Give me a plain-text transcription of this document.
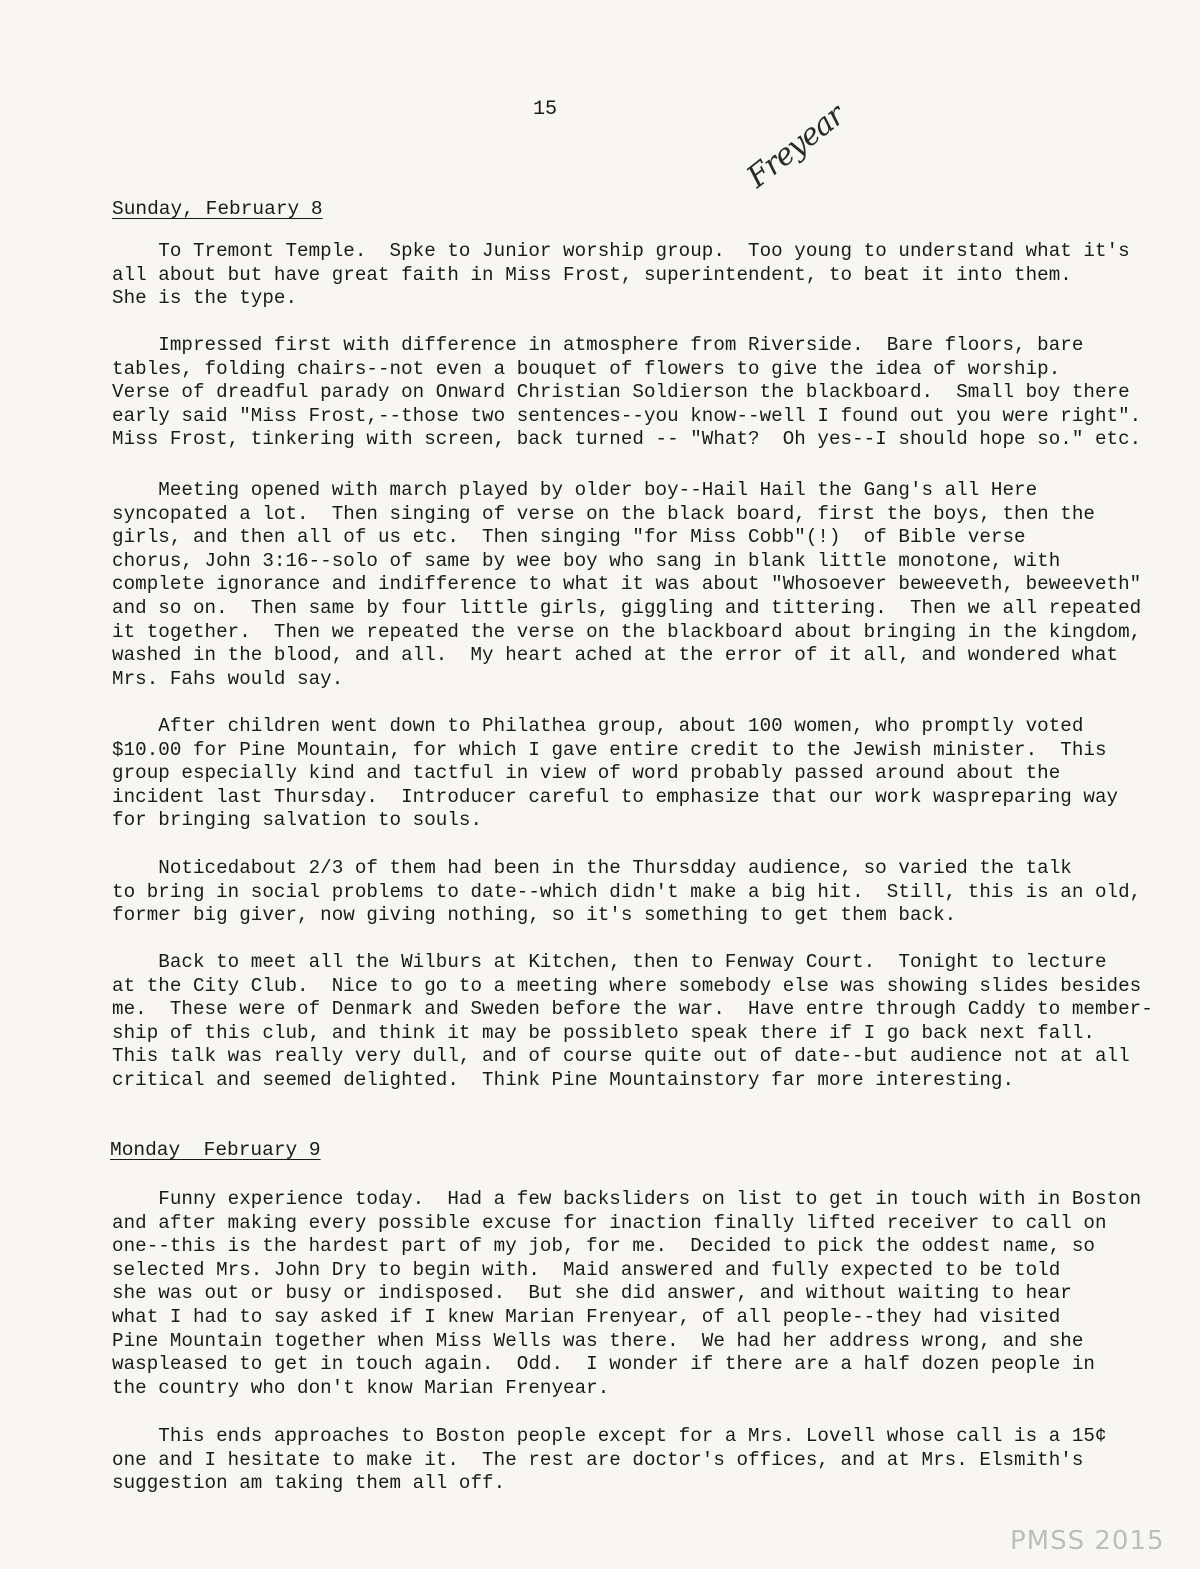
15	Freyear
Sunday, February 8
To Tremont Temple.  Spke to Junior worship group.  Too young to understand what it's
all about but have great faith in Miss Frost, superintendent, to beat it into them.
She is the type.
Impressed first with difference in atmosphere from Riverside.  Bare floors, bare
tables, folding chairs--not even a bouquet of flowers to give the idea of worship.
Verse of dreadful parady on Onward Christian Soldierson the blackboard.  Small boy there
early said "Miss Frost,--those two sentences--you know--well I found out you were right".
Miss Frost, tinkering with screen, back turned -- "What?  Oh yes--I should hope so." etc.
Meeting opened with march played by older boy--Hail Hail the Gang's all Here
syncopated a lot.  Then singing of verse on the black board, first the boys, then the
girls, and then all of us etc.  Then singing "for Miss Cobb"(!)  of Bible verse
chorus, John 3:16--solo of same by wee boy who sang in blank little monotone, with
complete ignorance and indifference to what it was about "Whosoever beweeveth, beweeveth"
and so on.  Then same by four little girls, giggling and tittering.  Then we all repeated
it together.  Then we repeated the verse on the blackboard about bringing in the kingdom,
washed in the blood, and all.  My heart ached at the error of it all, and wondered what
Mrs. Fahs would say.
After children went down to Philathea group, about 100 women, who promptly voted
$10.00 for Pine Mountain, for which I gave entire credit to the Jewish minister.  This
group especially kind and tactful in view of word probably passed around about the
incident last Thursday.  Introducer careful to emphasize that our work waspreparing way
for bringing salvation to souls.
Noticedabout 2/3 of them had been in the Thursdday audience, so varied the talk
to bring in social problems to date--which didn't make a big hit.  Still, this is an old,
former big giver, now giving nothing, so it's something to get them back.
Back to meet all the Wilburs at Kitchen, then to Fenway Court.  Tonight to lecture
at the City Club.  Nice to go to a meeting where somebody else was showing slides besides
me.  These were of Denmark and Sweden before the war.  Have entre through Caddy to member-
ship of this club, and think it may be possibleto speak there if I go back next fall.
This talk was really very dull, and of course quite out of date--but audience not at all
critical and seemed delighted.  Think Pine Mountainstory far more interesting.
Monday  February 9
Funny experience today.  Had a few backsliders on list to get in touch with in Boston
and after making every possible excuse for inaction finally lifted receiver to call on
one--this is the hardest part of my job, for me.  Decided to pick the oddest name, so
selected Mrs. John Dry to begin with.  Maid answered and fully expected to be told
she was out or busy or indisposed.  But she did answer, and without waiting to hear
what I had to say asked if I knew Marian Frenyear, of all people--they had visited
Pine Mountain together when Miss Wells was there.  We had her address wrong, and she
waspleased to get in touch again.  Odd.  I wonder if there are a half dozen people in
the country who don't know Marian Frenyear.
This ends approaches to Boston people except for a Mrs. Lovell whose call is a 15¢
one and I hesitate to make it.  The rest are doctor's offices, and at Mrs. Elsmith's
suggestion am taking them all off.
PMSS 2015
